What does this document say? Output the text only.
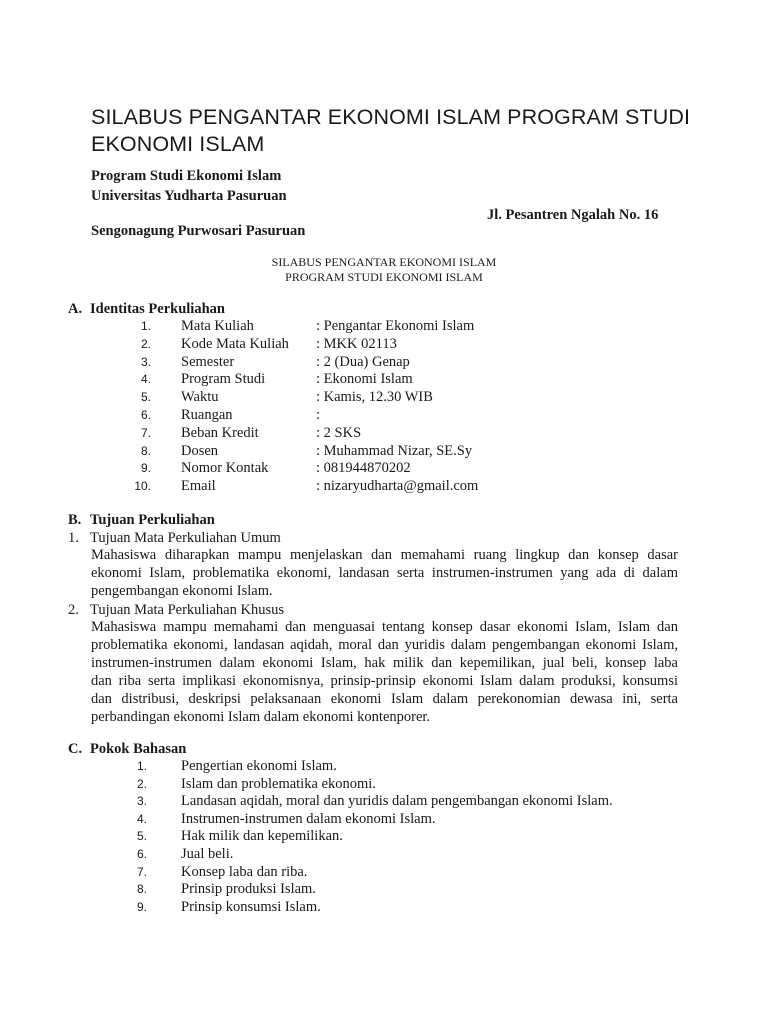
SILABUS PENGANTAR EKONOMI ISLAM PROGRAM STUDI EKONOMI ISLAM
Program Studi Ekonomi Islam
Universitas Yudharta Pasuruan
Jl. Pesantren Ngalah No. 16
Sengonagung Purwosari Pasuruan
SILABUS PENGANTAR EKONOMI ISLAM
PROGRAM STUDI EKONOMI ISLAM
A. Identitas Perkuliahan
1. Mata Kuliah	: Pengantar Ekonomi Islam
2. Kode Mata Kuliah : MKK 02113
3. Semester	: 2 (Dua) Genap
4. Program Studi	: Ekonomi Islam
5. Waktu	: Kamis, 12.30 WIB
6. Ruangan	:
7. Beban Kredit	: 2 SKS
8. Dosen	: Muhammad Nizar, SE.Sy
9. Nomor Kontak	: 081944870202
10. Email	: nizaryudharta@gmail.com
B. Tujuan Perkuliahan
1. Tujuan Mata Perkuliahan Umum
Mahasiswa diharapkan mampu menjelaskan dan memahami ruang lingkup dan konsep dasar
ekonomi Islam, problematika ekonomi, landasan serta instrumen-instrumen yang ada di dalam
pengembangan ekonomi Islam.
2. Tujuan Mata Perkuliahan Khusus
Mahasiswa mampu memahami dan menguasai tentang konsep dasar ekonomi Islam, Islam dan
problematika ekonomi, landasan aqidah, moral dan yuridis dalam pengembangan ekonomi Islam,
instrumen-instrumen dalam ekonomi Islam, hak milik dan kepemilikan, jual beli, konsep laba
dan riba serta implikasi ekonomisnya, prinsip-prinsip ekonomi Islam dalam produksi, konsumsi
dan distribusi, deskripsi pelaksanaan ekonomi Islam dalam perekonomian dewasa ini, serta
perbandingan ekonomi Islam dalam ekonomi kontenporer.
C. Pokok Bahasan
1. Pengertian ekonomi Islam.
2. Islam dan problematika ekonomi.
3. Landasan aqidah, moral dan yuridis dalam pengembangan ekonomi Islam.
4. Instrumen-instrumen dalam ekonomi Islam.
5. Hak milik dan kepemilikan.
6. Jual beli.
7. Konsep laba dan riba.
8. Prinsip produksi Islam.
9. Prinsip konsumsi Islam.
